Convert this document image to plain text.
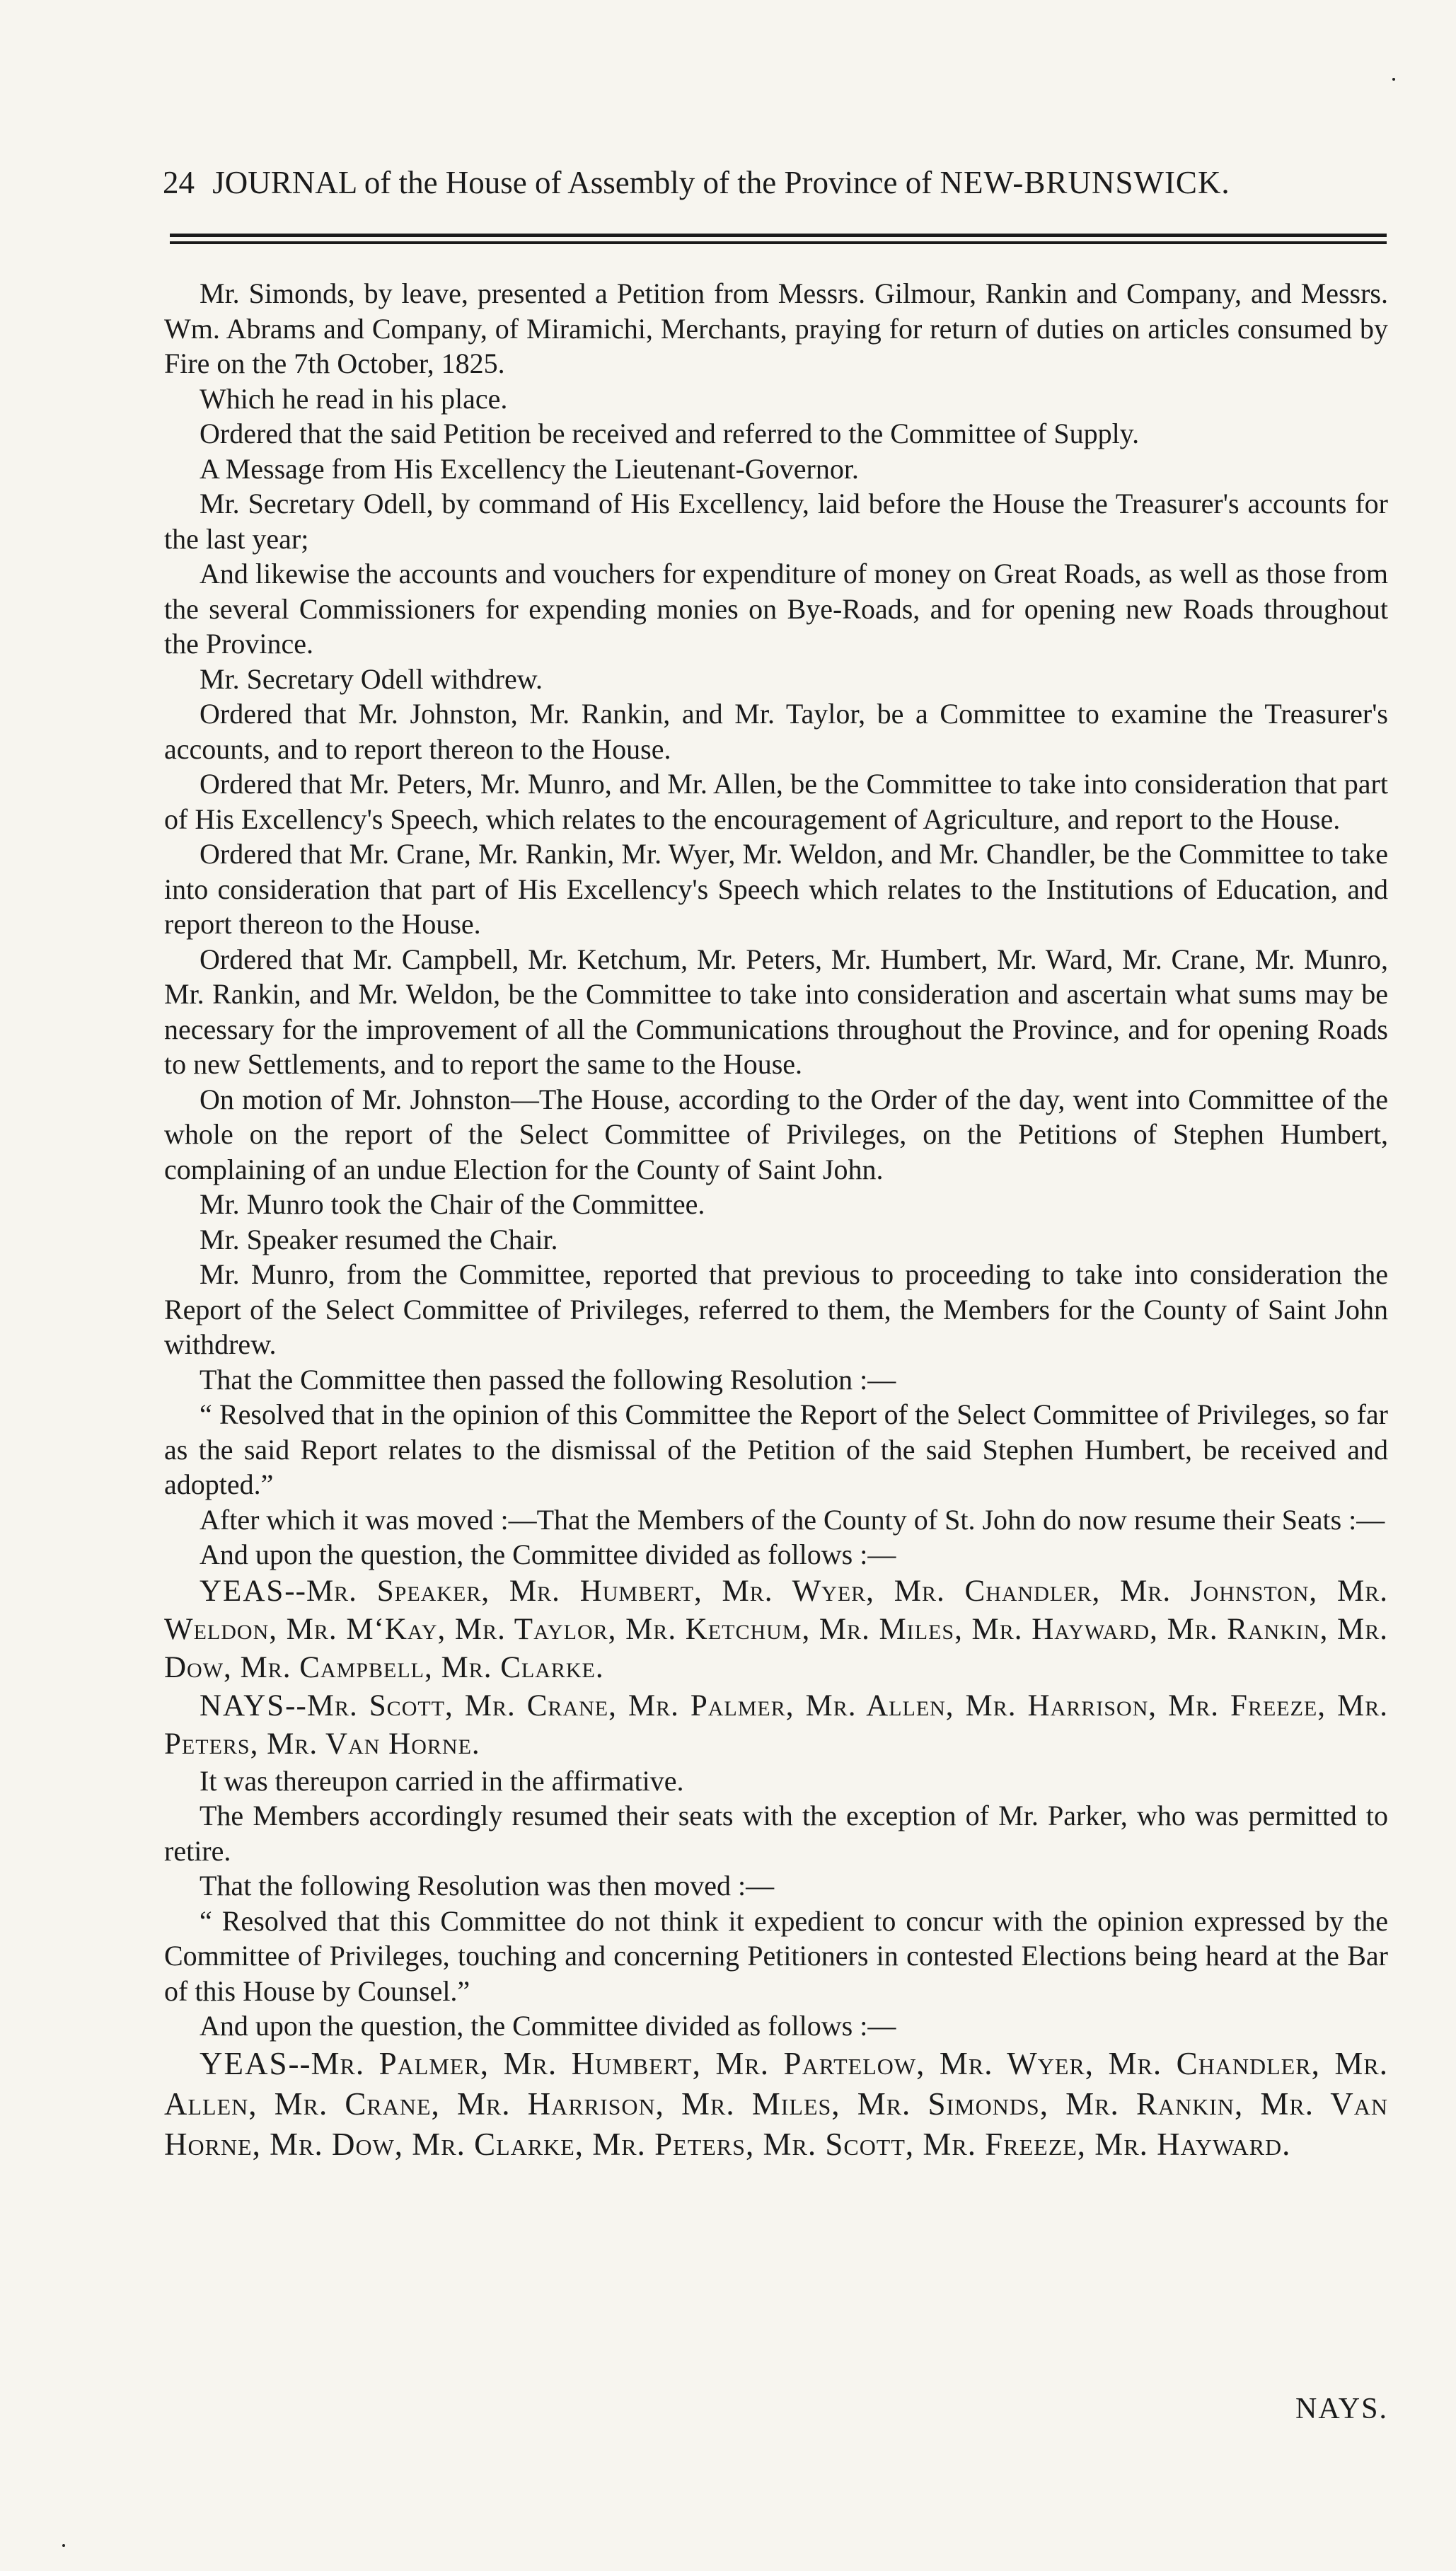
24 JOURNAL of the House of Assembly of the Province of NEW-BRUNSWICK.

Mr. Simonds, by leave, presented a Petition from Messrs. Gilmour, Rankin and Company, and Messrs. Wm. Abrams and Company, of Miramichi, Merchants, praying for return of duties on articles consumed by Fire on the 7th October, 1825.

Which he read in his place.

Ordered that the said Petition be received and referred to the Committee of Supply.

A Message from His Excellency the Lieutenant-Governor.

Mr. Secretary Odell, by command of His Excellency, laid before the House the Treasurer's accounts for the last year;

And likewise the accounts and vouchers for expenditure of money on Great Roads, as well as those from the several Commissioners for expending monies on Bye-Roads, and for opening new Roads throughout the Province.

Mr. Secretary Odell withdrew.

Ordered that Mr. Johnston, Mr. Rankin, and Mr. Taylor, be a Committee to examine the Treasurer's accounts, and to report thereon to the House.

Ordered that Mr. Peters, Mr. Munro, and Mr. Allen, be the Committee to take into consideration that part of His Excellency's Speech, which relates to the encouragement of Agriculture, and report to the House.

Ordered that Mr. Crane, Mr. Rankin, Mr. Wyer, Mr. Weldon, and Mr. Chandler, be the Committee to take into consideration that part of His Excellency's Speech which relates to the Institutions of Education, and report thereon to the House.

Ordered that Mr. Campbell, Mr. Ketchum, Mr. Peters, Mr. Humbert, Mr. Ward, Mr. Crane, Mr. Munro, Mr. Rankin, and Mr. Weldon, be the Committee to take into consideration and ascertain what sums may be necessary for the improvement of all the Communications throughout the Province, and for opening Roads to new Settlements, and to report the same to the House.

On motion of Mr. Johnston—The House, according to the Order of the day, went into Committee of the whole on the report of the Select Committee of Privileges, on the Petitions of Stephen Humbert, complaining of an undue Election for the County of Saint John.

Mr. Munro took the Chair of the Committee.

Mr. Speaker resumed the Chair.

Mr. Munro, from the Committee, reported that previous to proceeding to take into consideration the Report of the Select Committee of Privileges, referred to them, the Members for the County of Saint John withdrew.

That the Committee then passed the following Resolution :—

“ Resolved that in the opinion of this Committee the Report of the Select Committee of Privileges, so far as the said Report relates to the dismissal of the Petition of the said Stephen Humbert, be received and adopted.”

After which it was moved :—That the Members of the County of St. John do now resume their Seats :—

And upon the question, the Committee divided as follows :—

YEAS--Mr. Speaker, Mr. Humbert, Mr. Wyer, Mr. Chandler, Mr. Johnston, Mr. Weldon, Mr. M‘Kay, Mr. Taylor, Mr. Ketchum, Mr. Miles, Mr. Hayward, Mr. Rankin, Mr. Dow, Mr. Campbell, Mr. Clarke.

NAYS--Mr. Scott, Mr. Crane, Mr. Palmer, Mr. Allen, Mr. Harrison, Mr. Freeze, Mr. Peters, Mr. Van Horne.

It was thereupon carried in the affirmative.

The Members accordingly resumed their seats with the exception of Mr. Parker, who was permitted to retire.

That the following Resolution was then moved :—

“ Resolved that this Committee do not think it expedient to concur with the opinion expressed by the Committee of Privileges, touching and concerning Petitioners in contested Elections being heard at the Bar of this House by Counsel.”

And upon the question, the Committee divided as follows :—

YEAS--Mr. Palmer, Mr. Humbert, Mr. Partelow, Mr. Wyer, Mr. Chandler, Mr. Allen, Mr. Crane, Mr. Harrison, Mr. Miles, Mr. Simonds, Mr. Rankin, Mr. Van Horne, Mr. Dow, Mr. Clarke, Mr. Peters, Mr. Scott, Mr. Freeze, Mr. Hayward.

NAYS.
